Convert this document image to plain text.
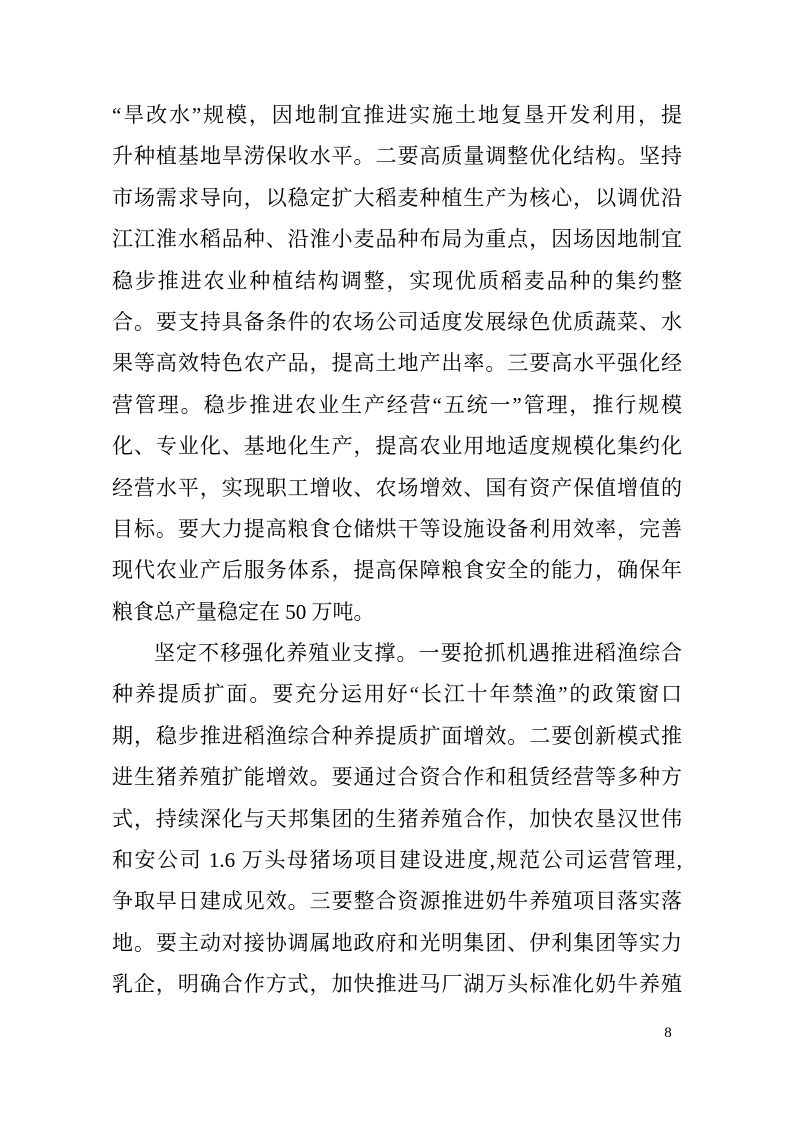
“旱改水”规模，因地制宜推进实施土地复垦开发利用，提
升种植基地旱涝保收水平。二要高质量调整优化结构。坚持
市场需求导向，以稳定扩大稻麦种植生产为核心，以调优沿
江江淮水稻品种、沿淮小麦品种布局为重点，因场因地制宜
稳步推进农业种植结构调整，实现优质稻麦品种的集约整
合。要支持具备条件的农场公司适度发展绿色优质蔬菜、水
果等高效特色农产品，提高土地产出率。三要高水平强化经
营管理。稳步推进农业生产经营“五统一”管理，推行规模
化、专业化、基地化生产，提高农业用地适度规模化集约化
经营水平，实现职工增收、农场增效、国有资产保值增值的
目标。要大力提高粮食仓储烘干等设施设备利用效率，完善
现代农业产后服务体系，提高保障粮食安全的能力，确保年
粮食总产量稳定在 50 万吨。
坚定不移强化养殖业支撑。一要抢抓机遇推进稻渔综合
种养提质扩面。要充分运用好“长江十年禁渔”的政策窗口
期，稳步推进稻渔综合种养提质扩面增效。二要创新模式推
进生猪养殖扩能增效。要通过合资合作和租赁经营等多种方
式，持续深化与天邦集团的生猪养殖合作，加快农垦汉世伟
和安公司 1.6 万头母猪场项目建设进度,规范公司运营管理,
争取早日建成见效。三要整合资源推进奶牛养殖项目落实落
地。要主动对接协调属地政府和光明集团、伊利集团等实力
乳企，明确合作方式，加快推进马厂湖万头标准化奶牛养殖
8
